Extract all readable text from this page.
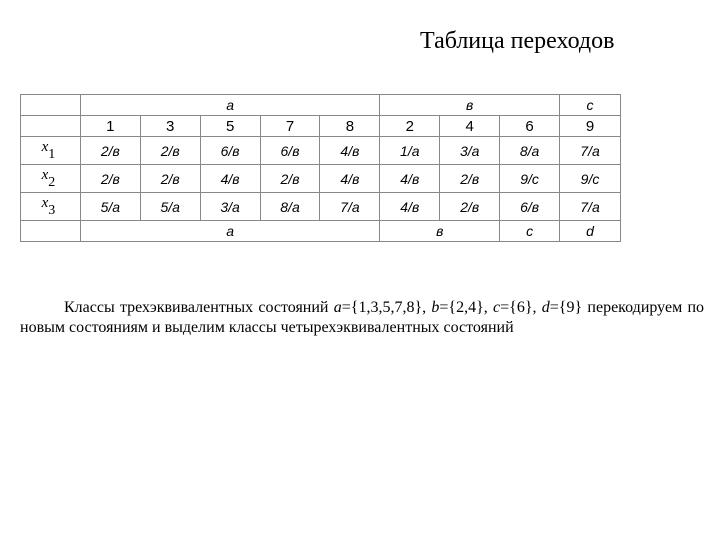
Таблица переходов
	a					в			c
	1	3	5	7	8	2	4	6	9
$x_1$	2/в	2/в	6/в	6/в	4/в	1/a	3/a	8/a	7/a
$x_2$	2/в	2/в	4/в	2/в	4/в	4/в	2/в	9/c	9/c
$x_3$	5/a	5/a	3/a	8/a	7/a	4/в	2/в	6/в	7/a
	a					в		c	d
Классы трехэквивалентных состояний a={1,3,5,7,8}, b={2,4}, c={6}, d={9} перекодируем по новым состояниям и выделим классы четырехэквивалентных состояний
